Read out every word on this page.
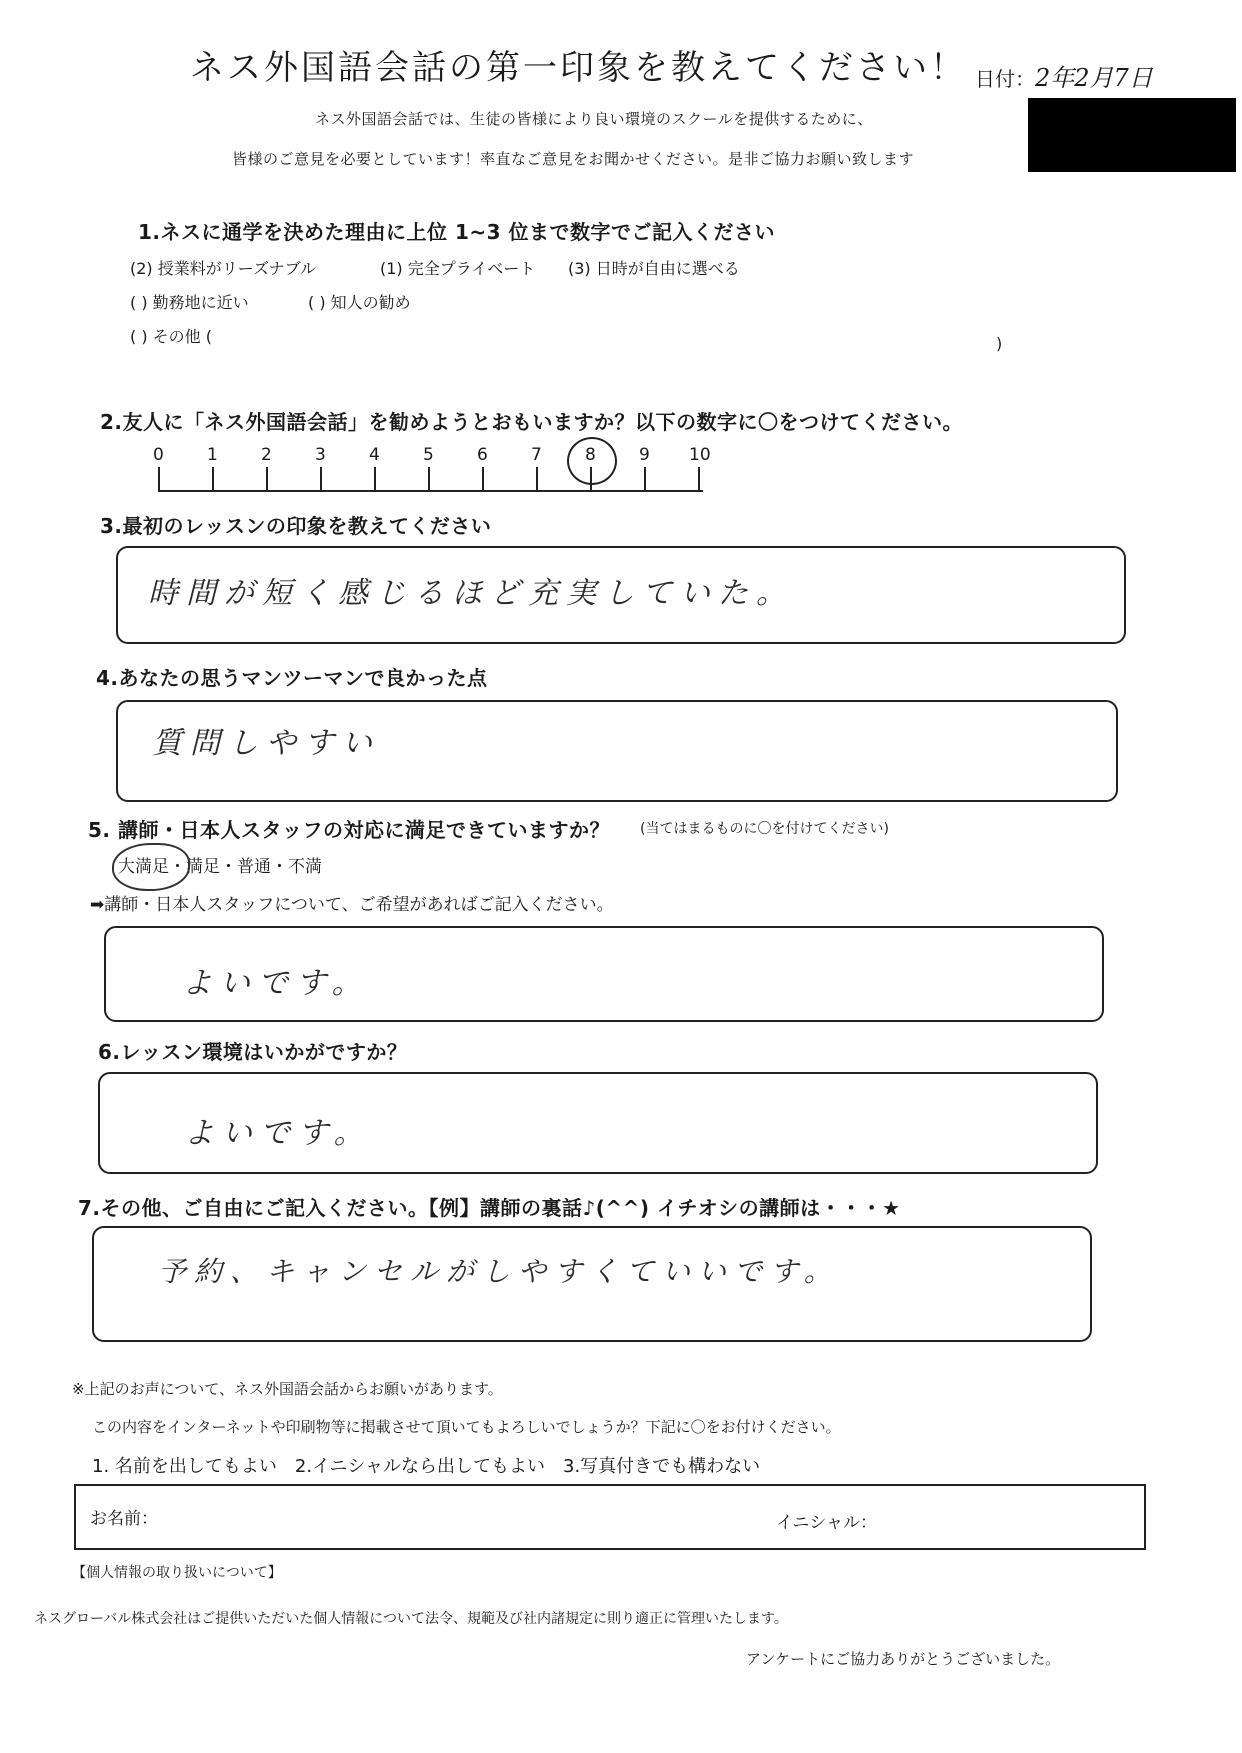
ネス外国語会話の第一印象を教えてください！ 日付：2年2月7日
ネス外国語会話では、生徒の皆様により良い環境のスクールを提供するために、
皆様のご意見を必要としています！率直なご意見をお聞かせください。是非ご協力お願い致します
1.ネスに通学を決めた理由に上位 1~3 位まで数字でご記入ください
(2) 授業料がリーズナブル	(1) 完全プライベート (3) 日時が自由に選べる
( ) 勤務地に近い	( ) 知人の勧め
( ) その他 (	)
2.友人に「ネス外国語会話」を勧めようとおもいますか？以下の数字に〇をつけてください。
0	1	2	3	4	5	6	7	8	9 10
3.最初のレッスンの印象を教えてください
時間が短く感じるほど充実していた。
4.あなたの思うマンツーマンで良かった点
質問しやすい
5. 講師・日本人スタッフの対応に満足できていますか？ (当てはまるものに〇を付けてください)
大満足・満足・普通・不満
➡講師・日本人スタッフについて、ご希望があればご記入ください。
よいです。
6.レッスン環境はいかがですか？
よいです。
7.その他、ご自由にご記入ください。【例】講師の裏話♪(^^) イチオシの講師は・・・★
予約、キャンセルがしやすくていいです。
※上記のお声について、ネス外国語会話からお願いがあります。
この内容をインターネットや印刷物等に掲載させて頂いてもよろしいでしょうか？下記に〇をお付けください。
1. 名前を出してもよい　2.イニシャルなら出してもよい　3.写真付きでも構わない
お名前：	イニシャル：
【個人情報の取り扱いについて】
ネスグローバル株式会社はご提供いただいた個人情報について法令、規範及び社内諸規定に則り適正に管理いたします。
アンケートにご協力ありがとうございました。
